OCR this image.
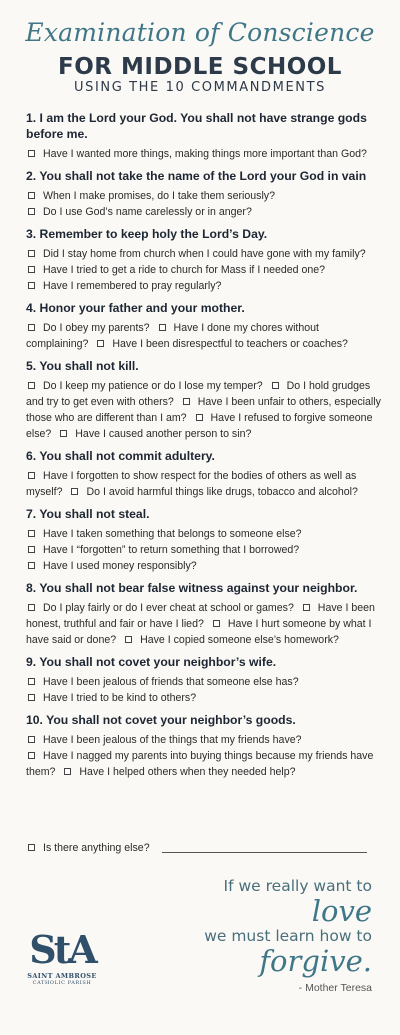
Examination of Conscience
FOR MIDDLE SCHOOL
USING THE 10 COMMANDMENTS
1. I am the Lord your God. You shall not have strange gods before me.
Have I wanted more things, making things more important than God?
2. You shall not take the name of the Lord your God in vain
When I make promises, do I take them seriously?
Do I use God’s name carelessly or in anger?
3. Remember to keep holy the Lord’s Day.
Did I stay home from church when I could have gone with my family?
Have I tried to get a ride to church for Mass if I needed one?
Have I remembered to pray regularly?
4. Honor your father and your mother.
Do I obey my parents? Have I done my chores without complaining? Have I been disrespectful to teachers or coaches?
5. You shall not kill.
Do I keep my patience or do I lose my temper? Do I hold grudges and try to get even with others? Have I been unfair to others, especially those who are different than I am? Have I refused to forgive someone else? Have I caused another person to sin?
6. You shall not commit adultery.
Have I forgotten to show respect for the bodies of others as well as myself? Do I avoid harmful things like drugs, tobacco and alcohol?
7. You shall not steal.
Have I taken something that belongs to someone else?
Have I “forgotten” to return something that I borrowed?
Have I used money responsibly?
8. You shall not bear false witness against your neighbor.
Do I play fairly or do I ever cheat at school or games? Have I been honest, truthful and fair or have I lied? Have I hurt someone by what I have said or done? Have I copied someone else’s homework?
9. You shall not covet your neighbor’s wife.
Have I been jealous of friends that someone else has?
Have I tried to be kind to others?
10. You shall not covet your neighbor’s goods.
Have I been jealous of the things that my friends have?
Have I nagged my parents into buying things because my friends have them? Have I helped others when they needed help?
Is there anything else?
StA
SAINT AMBROSE
CATHOLIC PARISH
If we really want to
love
we must learn how to
forgive.
- Mother Teresa
